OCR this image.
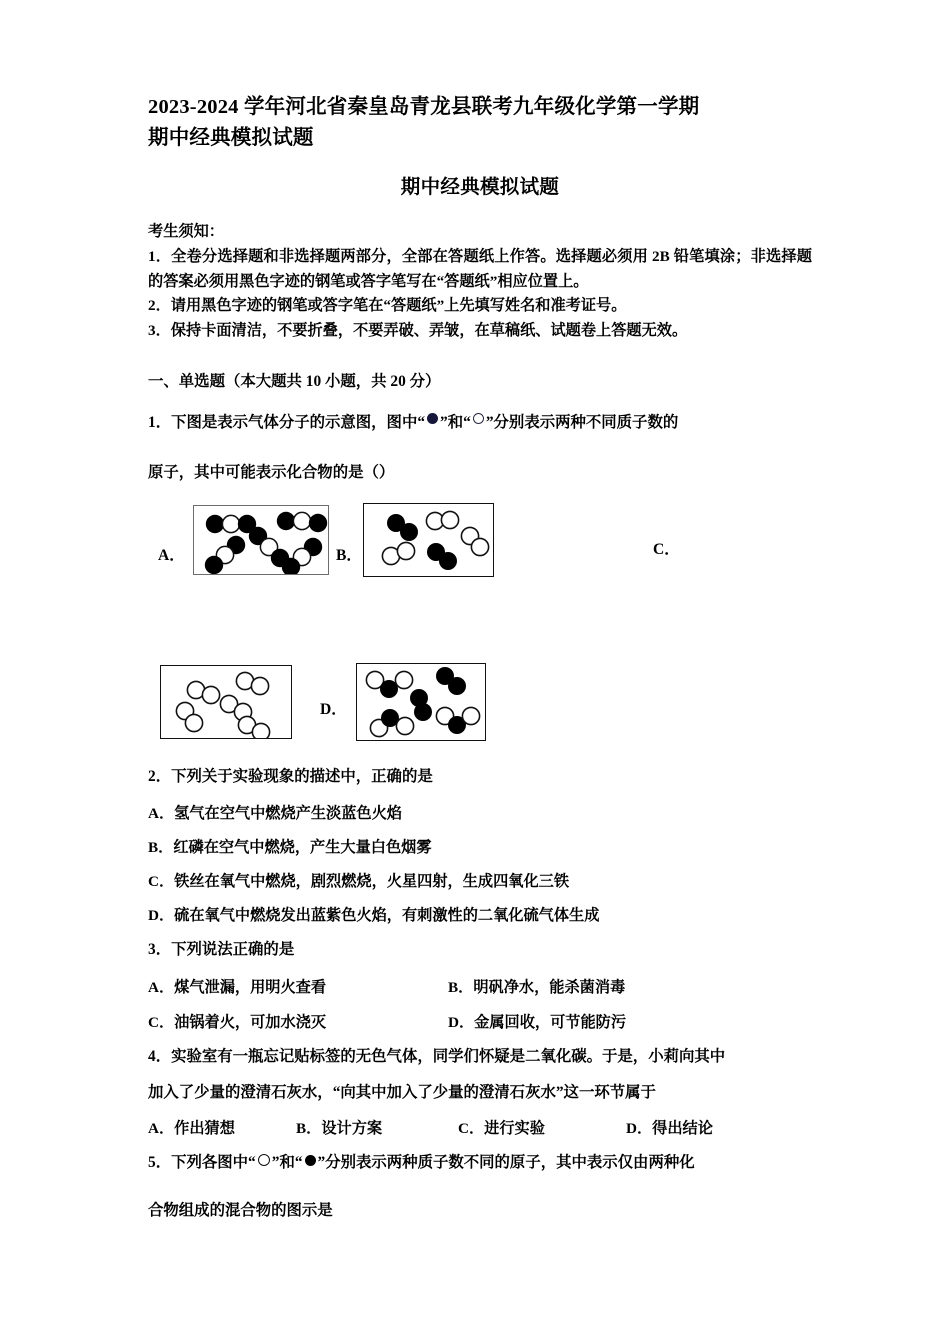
2023-2024 学年河北省秦皇岛青龙县联考九年级化学第一学期
期中经典模拟试题
期中经典模拟试题
考生须知：
1．全卷分选择题和非选择题两部分，全部在答题纸上作答。选择题必须用 2B 铅笔填涂；非选择题的答案必须用黑色字迹的钢笔或答字笔写在“答题纸”相应位置上。
2．请用黑色字迹的钢笔或答字笔在“答题纸”上先填写姓名和准考证号。
3．保持卡面清洁，不要折叠，不要弄破、弄皱，在草稿纸、试题卷上答题无效。
一、单选题（本大题共 10 小题，共 20 分）
1．下图是表示气体分子的示意图，图中“ ”和“ ”分别表示两种不同质子数的
原子，其中可能表示化合物的是（）
A．	B．	C．
D．
2．下列关于实验现象的描述中，正确的是
A．氢气在空气中燃烧产生淡蓝色火焰
B．红磷在空气中燃烧，产生大量白色烟雾
C．铁丝在氧气中燃烧，剧烈燃烧，火星四射，生成四氧化三铁
D．硫在氧气中燃烧发出蓝紫色火焰，有刺激性的二氧化硫气体生成
3．下列说法正确的是
A．煤气泄漏，用明火查看	B．明矾净水，能杀菌消毒
C．油锅着火，可加水浇灭	D．金属回收，可节能防污
4．实验室有一瓶忘记贴标签的无色气体，同学们怀疑是二氧化碳。于是，小莉向其中
加入了少量的澄清石灰水，“向其中加入了少量的澄清石灰水”这一环节属于
A．作出猜想	B．设计方案	C．进行实验	D．得出结论
5．下列各图中“ ”和“ ”分别表示两种质子数不同的原子，其中表示仅由两种化
合物组成的混合物的图示是
